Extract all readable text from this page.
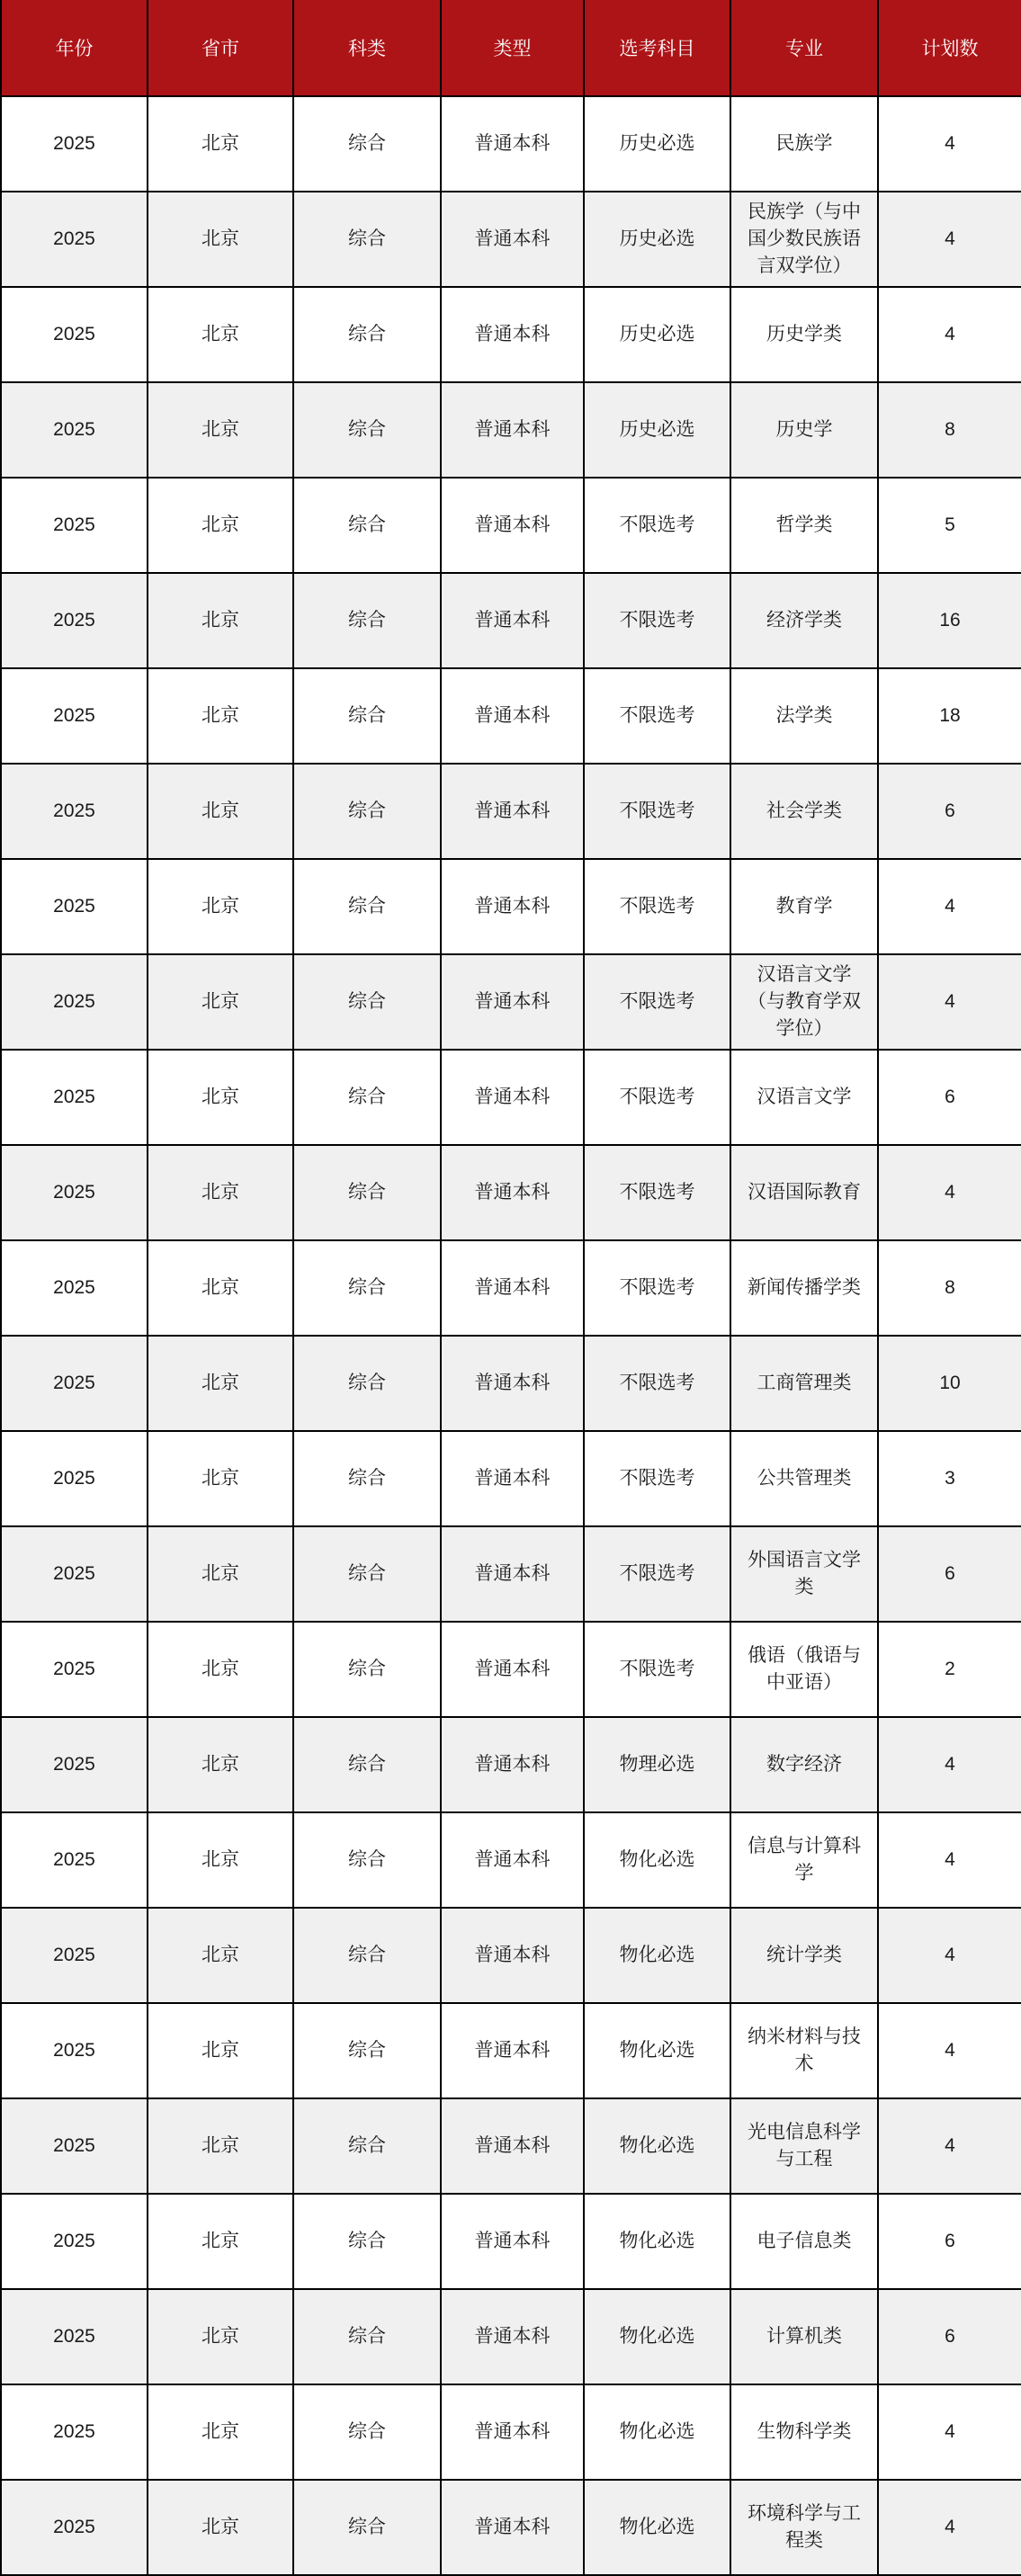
年份	省市	科类	类型	选考科目	专业	计划数
2025	北京	综合	普通本科	历史必选	民族学	4
2025	北京	综合	普通本科	历史必选	民族学（与中国少数民族语言双学位）	4
2025	北京	综合	普通本科	历史必选	历史学类	4
2025	北京	综合	普通本科	历史必选	历史学	8
2025	北京	综合	普通本科	不限选考	哲学类	5
2025	北京	综合	普通本科	不限选考	经济学类	16
2025	北京	综合	普通本科	不限选考	法学类	18
2025	北京	综合	普通本科	不限选考	社会学类	6
2025	北京	综合	普通本科	不限选考	教育学	4
2025	北京	综合	普通本科	不限选考	汉语言文学（与教育学双学位）	4
2025	北京	综合	普通本科	不限选考	汉语言文学	6
2025	北京	综合	普通本科	不限选考	汉语国际教育	4
2025	北京	综合	普通本科	不限选考	新闻传播学类	8
2025	北京	综合	普通本科	不限选考	工商管理类	10
2025	北京	综合	普通本科	不限选考	公共管理类	3
2025	北京	综合	普通本科	不限选考	外国语言文学类	6
2025	北京	综合	普通本科	不限选考	俄语（俄语与中亚语）	2
2025	北京	综合	普通本科	物理必选	数字经济	4
2025	北京	综合	普通本科	物化必选	信息与计算科学	4
2025	北京	综合	普通本科	物化必选	统计学类	4
2025	北京	综合	普通本科	物化必选	纳米材料与技术	4
2025	北京	综合	普通本科	物化必选	光电信息科学与工程	4
2025	北京	综合	普通本科	物化必选	电子信息类	6
2025	北京	综合	普通本科	物化必选	计算机类	6
2025	北京	综合	普通本科	物化必选	生物科学类	4
2025	北京	综合	普通本科	物化必选	环境科学与工程类	4
